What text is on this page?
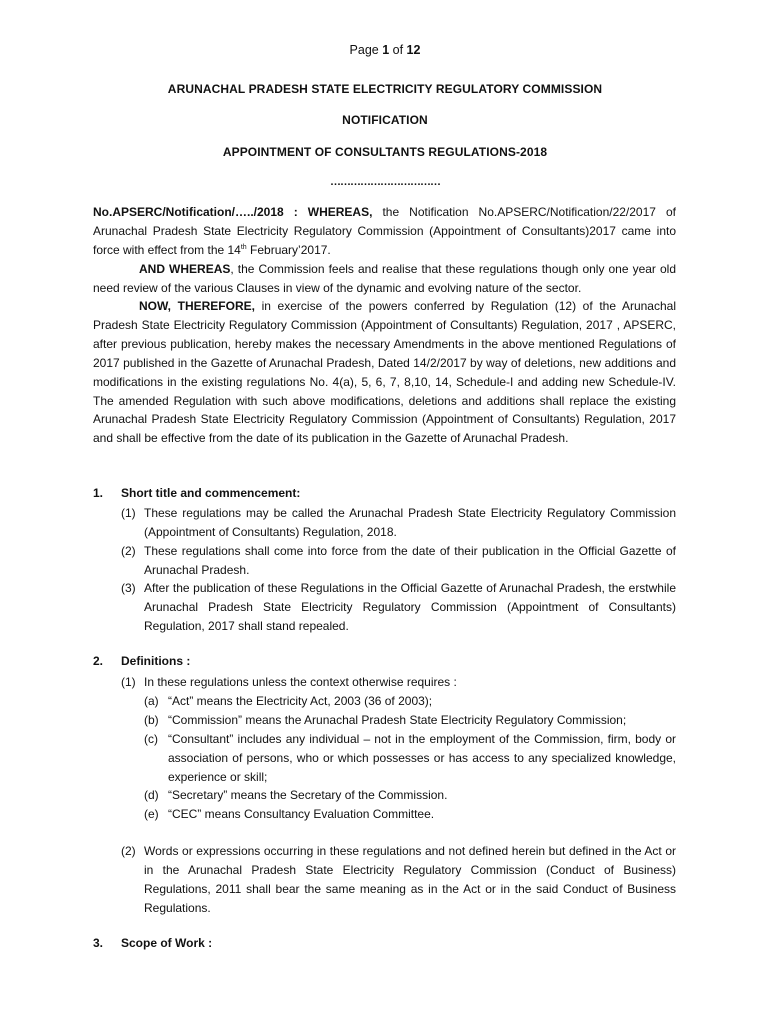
Page 1 of 12
ARUNACHAL PRADESH STATE ELECTRICITY REGULATORY COMMISSION
NOTIFICATION
APPOINTMENT OF CONSULTANTS REGULATIONS-2018
……………………………
No.APSERC/Notification/…../2018 : WHEREAS, the Notification No.APSERC/Notification/22/2017 of Arunachal Pradesh State Electricity Regulatory Commission (Appointment of Consultants)2017 came into force with effect from the 14th February’2017.
AND WHEREAS, the Commission feels and realise that these regulations though only one year old need review of the various Clauses in view of the dynamic and evolving nature of the sector.
NOW, THEREFORE, in exercise of the powers conferred by Regulation (12) of the Arunachal Pradesh State Electricity Regulatory Commission (Appointment of Consultants) Regulation, 2017 , APSERC, after previous publication, hereby makes the necessary Amendments in the above mentioned Regulations of 2017 published in the Gazette of Arunachal Pradesh, Dated 14/2/2017 by way of deletions, new additions and modifications in the existing regulations No. 4(a), 5, 6, 7, 8,10, 14, Schedule-I and adding new Schedule-IV. The amended Regulation with such above modifications, deletions and additions shall replace the existing Arunachal Pradesh State Electricity Regulatory Commission (Appointment of Consultants) Regulation, 2017 and shall be effective from the date of its publication in the Gazette of Arunachal Pradesh.
1. Short title and commencement:
(1) These regulations may be called the Arunachal Pradesh State Electricity Regulatory Commission (Appointment of Consultants) Regulation, 2018.
(2) These regulations shall come into force from the date of their publication in the Official Gazette of Arunachal Pradesh.
(3) After the publication of these Regulations in the Official Gazette of Arunachal Pradesh, the erstwhile Arunachal Pradesh State Electricity Regulatory Commission (Appointment of Consultants) Regulation, 2017 shall stand repealed.
2. Definitions :
(1) In these regulations unless the context otherwise requires :
(a) “Act” means the Electricity Act, 2003 (36 of 2003);
(b) “Commission” means the Arunachal Pradesh State Electricity Regulatory Commission;
(c) “Consultant” includes any individual – not in the employment of the Commission, firm, body or association of persons, who or which possesses or has access to any specialized knowledge, experience or skill;
(d) “Secretary” means the Secretary of the Commission.
(e) “CEC” means Consultancy Evaluation Committee.
(2) Words or expressions occurring in these regulations and not defined herein but defined in the Act or in the Arunachal Pradesh State Electricity Regulatory Commission (Conduct of Business) Regulations, 2011 shall bear the same meaning as in the Act or in the said Conduct of Business Regulations.
3. Scope of Work :
